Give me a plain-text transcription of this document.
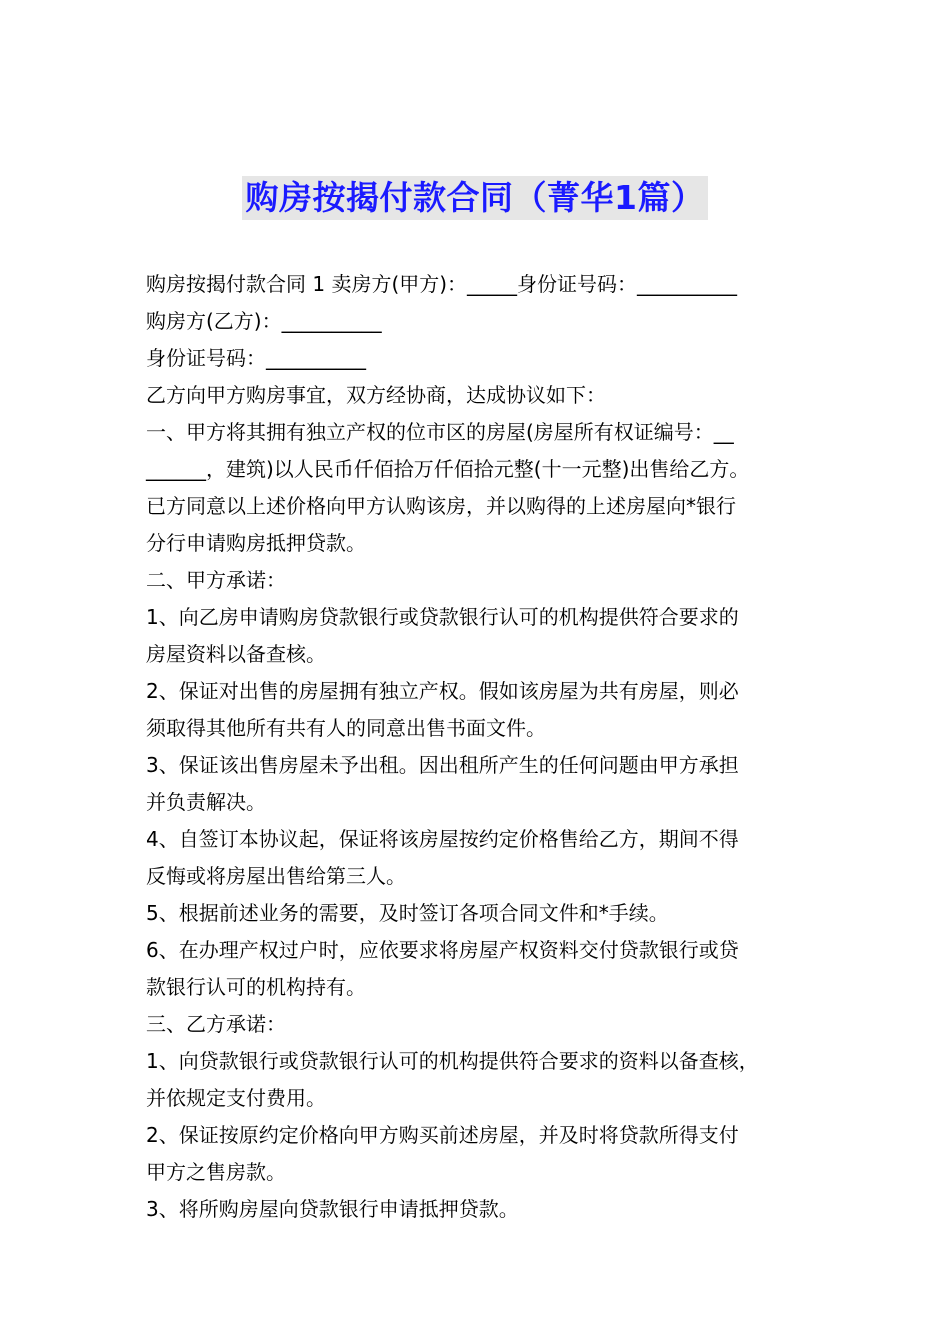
购房按揭付款合同（菁华1篇）
购房按揭付款合同 1 卖房方(甲方)：_____身份证号码：__________
购房方(乙方)：__________
身份证号码：__________
乙方向甲方购房事宜，双方经协商，达成协议如下：
一、甲方将其拥有独立产权的位市区的房屋(房屋所有权证编号：__
______，建筑)以人民币仟佰拾万仟佰拾元整(十一元整)出售给乙方。
已方同意以上述价格向甲方认购该房，并以购得的上述房屋向*银行
分行申请购房抵押贷款。
二、甲方承诺：
1、向乙房申请购房贷款银行或贷款银行认可的机构提供符合要求的
房屋资料以备查核。
2、保证对出售的房屋拥有独立产权。假如该房屋为共有房屋，则必
须取得其他所有共有人的同意出售书面文件。
3、保证该出售房屋未予出租。因出租所产生的任何问题由甲方承担
并负责解决。
4、自签订本协议起，保证将该房屋按约定价格售给乙方，期间不得
反悔或将房屋出售给第三人。
5、根据前述业务的需要，及时签订各项合同文件和*手续。
6、在办理产权过户时，应依要求将房屋产权资料交付贷款银行或贷
款银行认可的机构持有。
三、乙方承诺：
1、向贷款银行或贷款银行认可的机构提供符合要求的资料以备查核，
并依规定支付费用。
2、保证按原约定价格向甲方购买前述房屋，并及时将贷款所得支付
甲方之售房款。
3、将所购房屋向贷款银行申请抵押贷款。
